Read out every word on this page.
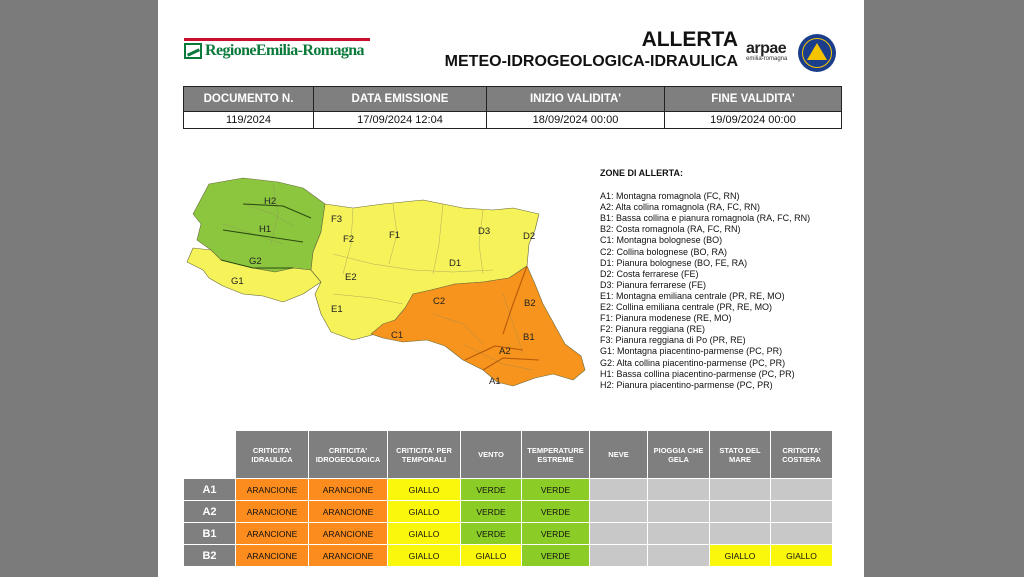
RegioneEmilia-Romagna	ALLERTA
METEO-IDROGEOLOGICA-IDRAULICA
arpae
emilia-romagna
DOCUMENTO N.	DATA EMISSIONE	INIZIO VALIDITA'	FINE VALIDITA'
119/2024	17/09/2024 12:04	18/09/2024 00:00	19/09/2024 00:00
H2
H1
G2
G1
F3
F2	F1
E2
E1
D3	D2
D1
C2
C1
B2
B1
A2
A1
ZONE DI ALLERTA:
A1: Montagna romagnola (FC, RN)
A2: Alta collina romagnola (RA, FC, RN)
B1: Bassa collina e pianura romagnola (RA, FC, RN)
B2: Costa romagnola (RA, FC, RN)
C1: Montagna bolognese (BO)
C2: Collina bolognese (BO, RA)
D1: Pianura bolognese (BO, FE, RA)
D2: Costa ferrarese (FE)
D3: Pianura ferrarese (FE)
E1: Montagna emiliana centrale (PR, RE, MO)
E2: Collina emiliana centrale (PR, RE, MO)
F1: Pianura modenese (RE, MO)
F2: Pianura reggiana (RE)
F3: Pianura reggiana di Po (PR, RE)
G1: Montagna piacentino-parmense (PC, PR)
G2: Alta collina piacentino-parmense (PC, PR)
H1: Bassa collina piacentino-parmense (PC, PR)
H2: Pianura piacentino-parmense (PC, PR)
	CRITICITA' IDRAULICA	CRITICITA' IDROGEOLOGICA	CRITICITA' PER TEMPORALI	VENTO	TEMPERATURE ESTREME	NEVE	PIOGGIA CHE GELA	STATO DEL MARE	CRITICITA' COSTIERA
A1	ARANCIONE	ARANCIONE	GIALLO	VERDE	VERDE				
A2	ARANCIONE	ARANCIONE	GIALLO	VERDE	VERDE				
B1	ARANCIONE	ARANCIONE	GIALLO	VERDE	VERDE				
B2	ARANCIONE	ARANCIONE	GIALLO	GIALLO	VERDE			GIALLO	GIALLO
